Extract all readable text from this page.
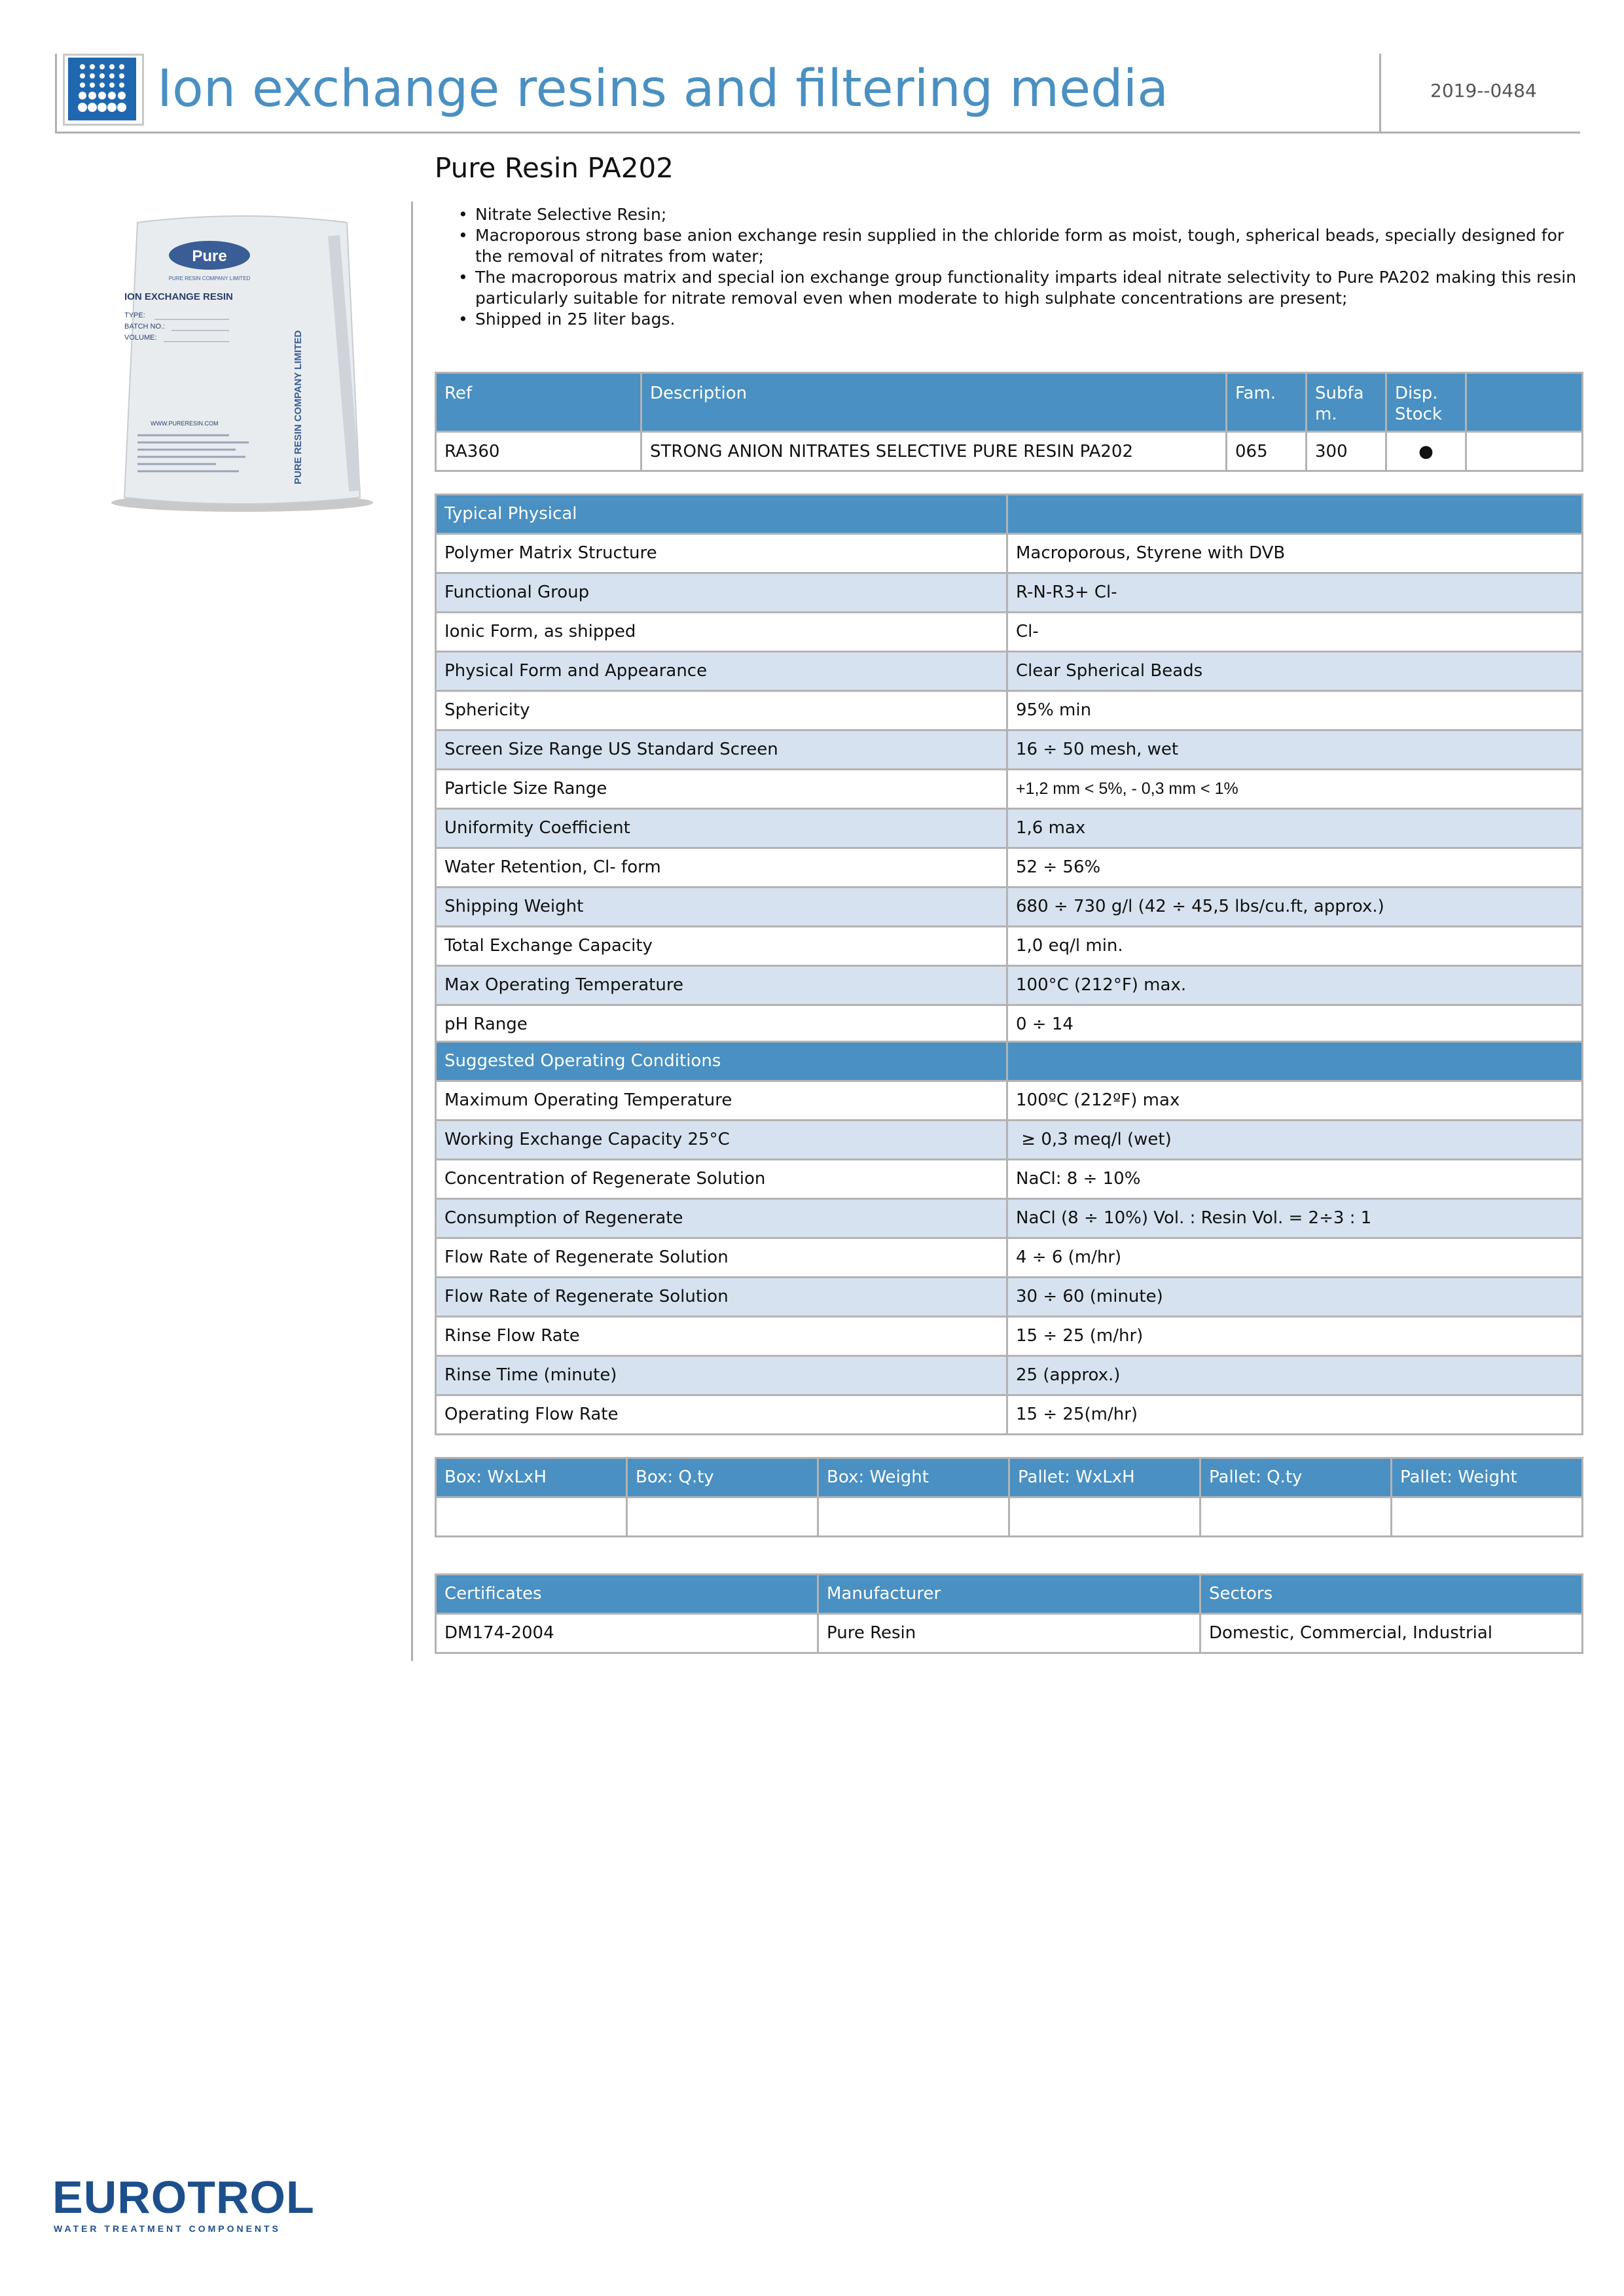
Ion exchange resins and filtering media	2019--0484
Pure Resin PA202
Pure
PURE RESIN COMPANY LIMITED
ION EXCHANGE RESIN
TYPE:
BATCH NO.:
VOLUME:
WWW.PURERESIN.COM	PURE RESIN COMPANY LIMITED
• Nitrate Selective Resin;
• Macroporous strong base anion exchange resin supplied in the chloride form as moist, tough, spherical beads, specially designed for the removal of nitrates from water;
• The macroporous matrix and special ion exchange group functionality imparts ideal nitrate selectivity to Pure PA202 making this resin particularly suitable for nitrate removal even when moderate to high sulphate concentrations are present;
• Shipped in 25 liter bags.
Ref	Description	Fam.	Subfa m.	Disp. Stock	
RA360	STRONG ANION NITRATES SELECTIVE PURE RESIN PA202	065	300	●	
Typical Physical	
Polymer Matrix Structure	Macroporous, Styrene with DVB
Functional Group	R-N-R3+ Cl-
Ionic Form, as shipped	Cl-
Physical Form and Appearance	Clear Spherical Beads
Sphericity	95% min
Screen Size Range US Standard Screen	16 ÷ 50 mesh, wet
Particle Size Range	+1,2 mm < 5%, - 0,3 mm < 1%
Uniformity Coefficient	1,6 max
Water Retention, Cl- form	52 ÷ 56%
Shipping Weight	680 ÷ 730 g/l (42 ÷ 45,5 lbs/cu.ft, approx.)
Total Exchange Capacity	1,0 eq/l min.
Max Operating Temperature	100°C (212°F) max.
pH Range	0 ÷ 14
Suggested Operating Conditions	
Maximum Operating Temperature	100ºC (212ºF) max
Working Exchange Capacity 25°C	≥ 0,3 meq/l (wet)
Concentration of Regenerate Solution	NaCl: 8 ÷ 10%
Consumption of Regenerate	NaCl (8 ÷ 10%) Vol. : Resin Vol. = 2÷3 : 1
Flow Rate of Regenerate Solution	4 ÷ 6 (m/hr)
Flow Rate of Regenerate Solution	30 ÷ 60 (minute)
Rinse Flow Rate	15 ÷ 25 (m/hr)
Rinse Time (minute)	25 (approx.)
Operating Flow Rate	15 ÷ 25(m/hr)
Box: WxLxH	Box: Q.ty	Box: Weight	Pallet: WxLxH	Pallet: Q.ty	Pallet: Weight

Certificates	Manufacturer	Sectors
DM174-2004	Pure Resin	Domestic, Commercial, Industrial
EUROTROL
WATER TREATMENT COMPONENTS
